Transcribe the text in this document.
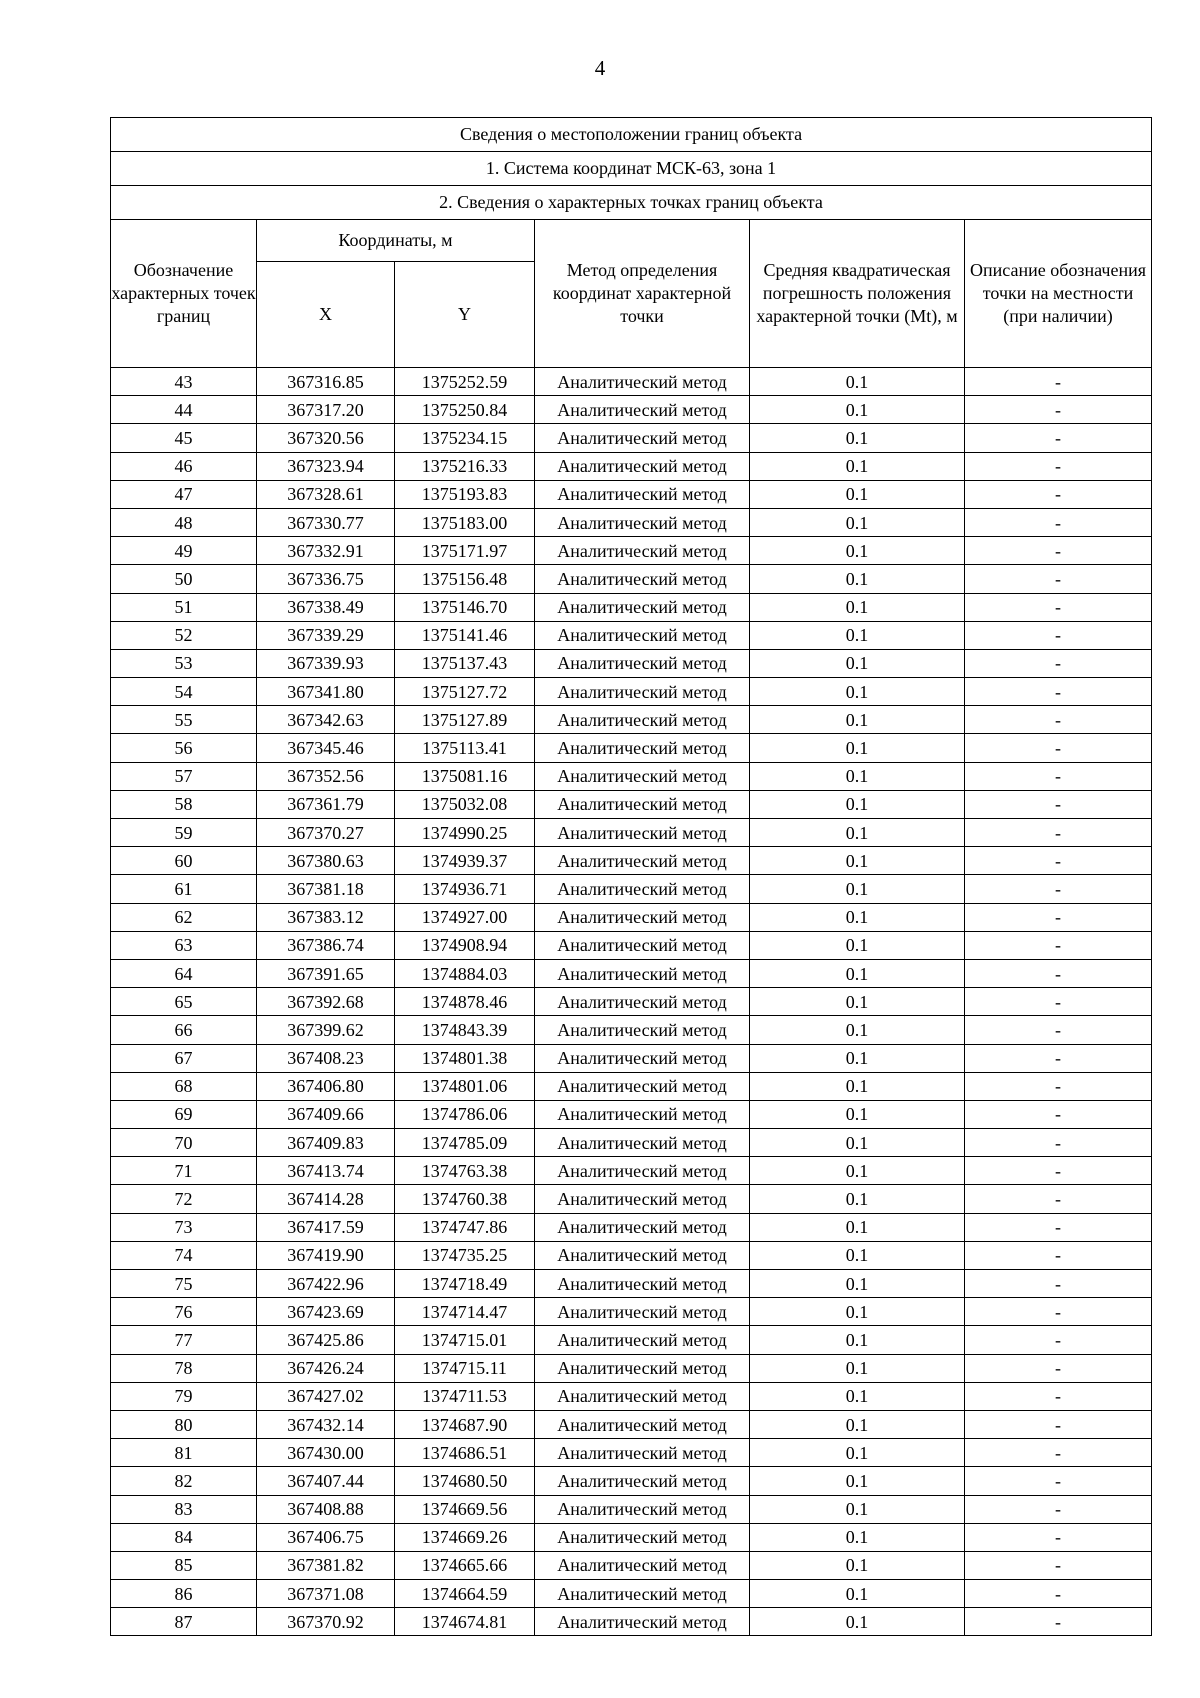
4
Сведения о местоположении границ объекта					
1. Система координат МСК-63, зона 1					
2. Сведения о характерных точках границ объекта					
Обозначение характерных точек границ	Координаты, м		Метод определения координат характерной точки	Средняя квадратическая погрешность положения характерной точки (Mt), м	Описание обозначения точки на местности (при наличии)
	X	Y			
43	367316.85	1375252.59	Аналитический метод	0.1	-
44	367317.20	1375250.84	Аналитический метод	0.1	-
45	367320.56	1375234.15	Аналитический метод	0.1	-
46	367323.94	1375216.33	Аналитический метод	0.1	-
47	367328.61	1375193.83	Аналитический метод	0.1	-
48	367330.77	1375183.00	Аналитический метод	0.1	-
49	367332.91	1375171.97	Аналитический метод	0.1	-
50	367336.75	1375156.48	Аналитический метод	0.1	-
51	367338.49	1375146.70	Аналитический метод	0.1	-
52	367339.29	1375141.46	Аналитический метод	0.1	-
53	367339.93	1375137.43	Аналитический метод	0.1	-
54	367341.80	1375127.72	Аналитический метод	0.1	-
55	367342.63	1375127.89	Аналитический метод	0.1	-
56	367345.46	1375113.41	Аналитический метод	0.1	-
57	367352.56	1375081.16	Аналитический метод	0.1	-
58	367361.79	1375032.08	Аналитический метод	0.1	-
59	367370.27	1374990.25	Аналитический метод	0.1	-
60	367380.63	1374939.37	Аналитический метод	0.1	-
61	367381.18	1374936.71	Аналитический метод	0.1	-
62	367383.12	1374927.00	Аналитический метод	0.1	-
63	367386.74	1374908.94	Аналитический метод	0.1	-
64	367391.65	1374884.03	Аналитический метод	0.1	-
65	367392.68	1374878.46	Аналитический метод	0.1	-
66	367399.62	1374843.39	Аналитический метод	0.1	-
67	367408.23	1374801.38	Аналитический метод	0.1	-
68	367406.80	1374801.06	Аналитический метод	0.1	-
69	367409.66	1374786.06	Аналитический метод	0.1	-
70	367409.83	1374785.09	Аналитический метод	0.1	-
71	367413.74	1374763.38	Аналитический метод	0.1	-
72	367414.28	1374760.38	Аналитический метод	0.1	-
73	367417.59	1374747.86	Аналитический метод	0.1	-
74	367419.90	1374735.25	Аналитический метод	0.1	-
75	367422.96	1374718.49	Аналитический метод	0.1	-
76	367423.69	1374714.47	Аналитический метод	0.1	-
77	367425.86	1374715.01	Аналитический метод	0.1	-
78	367426.24	1374715.11	Аналитический метод	0.1	-
79	367427.02	1374711.53	Аналитический метод	0.1	-
80	367432.14	1374687.90	Аналитический метод	0.1	-
81	367430.00	1374686.51	Аналитический метод	0.1	-
82	367407.44	1374680.50	Аналитический метод	0.1	-
83	367408.88	1374669.56	Аналитический метод	0.1	-
84	367406.75	1374669.26	Аналитический метод	0.1	-
85	367381.82	1374665.66	Аналитический метод	0.1	-
86	367371.08	1374664.59	Аналитический метод	0.1	-
87	367370.92	1374674.81	Аналитический метод	0.1	-
